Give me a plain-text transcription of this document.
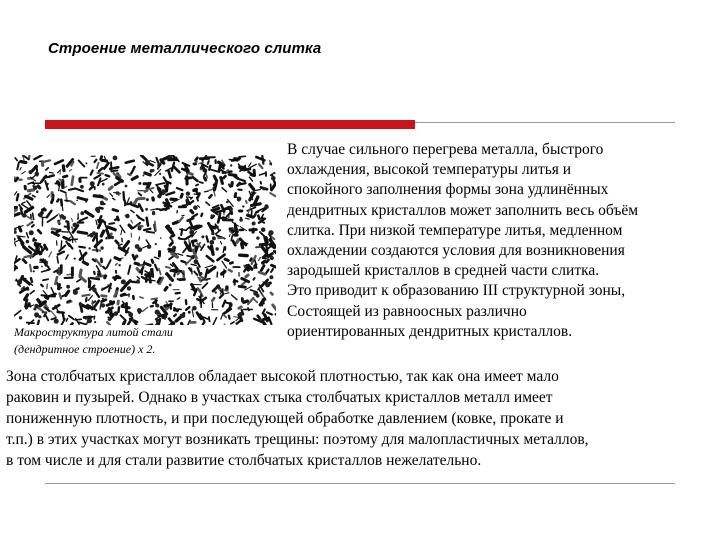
Строение металлического слитка
Макроструктура литой стали
(дендритное строение) х 2.
В случае сильного перегрева металла, быстрого
охлаждения, высокой температуры литья и
спокойного заполнения формы зона удлинённых
дендритных кристаллов может заполнить весь объём
слитка. При низкой температуре литья, медленном
охлаждении создаются условия для возникновения
зародышей кристаллов в средней части слитка.
Это приводит к образованию III структурной зоны,
Состоящей из равноосных различно
ориентированных дендритных кристаллов.
Зона столбчатых кристаллов обладает высокой плотностью, так как она имеет мало
раковин и пузырей. Однако в участках стыка столбчатых кристаллов металл имеет
пониженную плотность, и при последующей обработке давлением (ковке, прокате и
т.п.) в этих участках могут возникать трещины: поэтому для малопластичных металлов,
в том числе и для стали развитие столбчатых кристаллов нежелательно.
